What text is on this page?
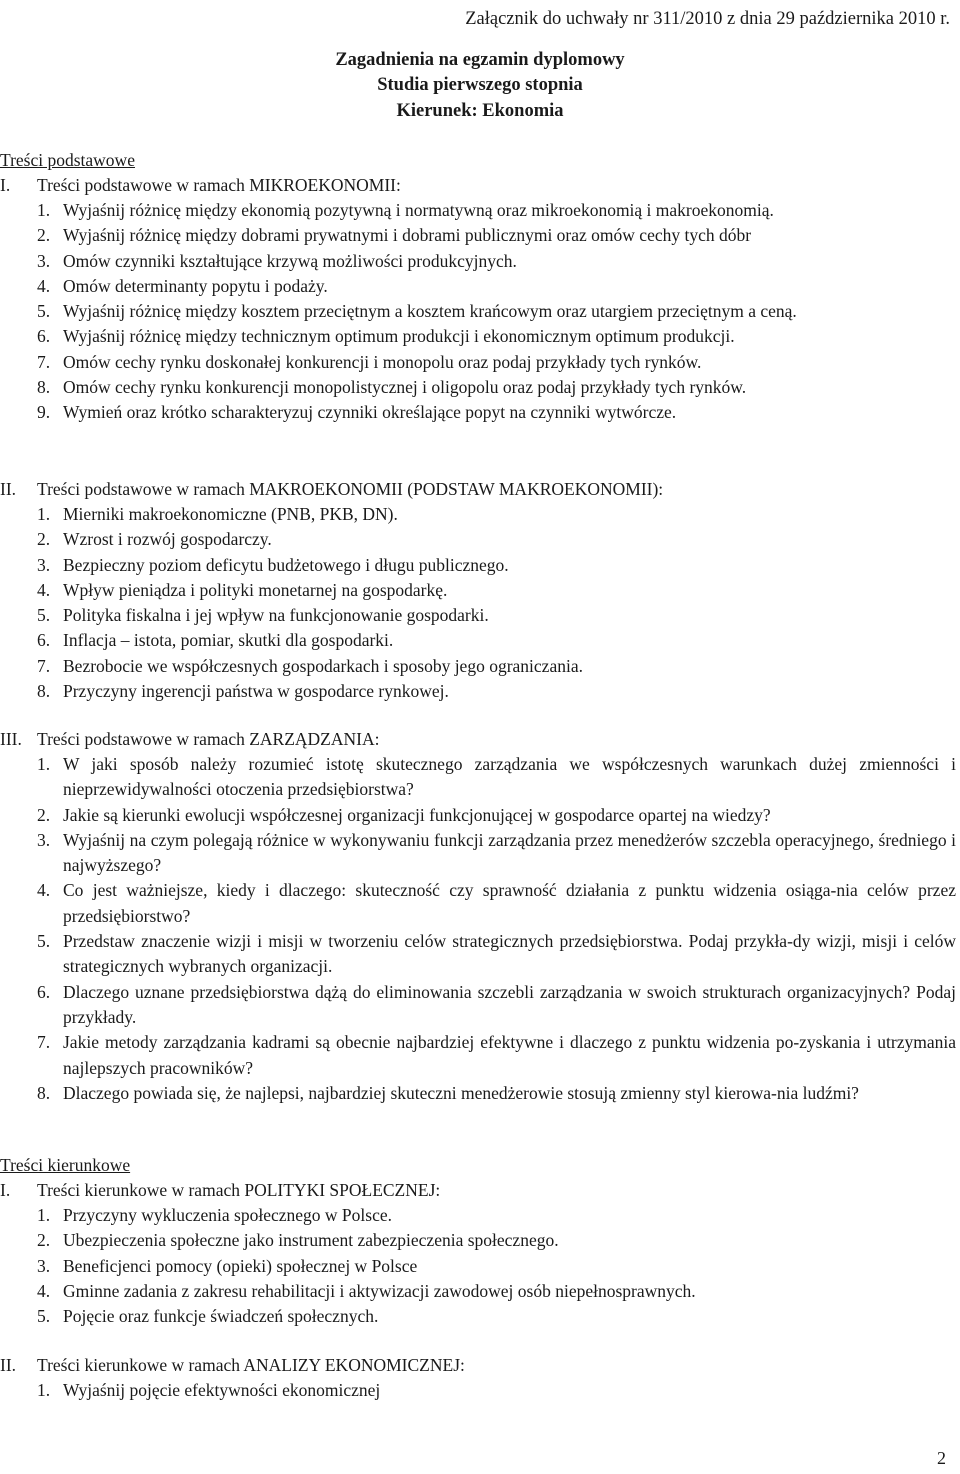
Załącznik do uchwały nr 311/2010 z dnia 29 października 2010 r.
Zagadnienia na egzamin dyplomowy
Studia pierwszego stopnia
Kierunek: Ekonomia
Treści podstawowe
I.	Treści podstawowe w ramach MIKROEKONOMII:
1. Wyjaśnij różnicę między ekonomią pozytywną i normatywną oraz mikroekonomią i makroekonomią.
2. Wyjaśnij różnicę między dobrami prywatnymi i dobrami publicznymi oraz omów cechy tych dóbr
3. Omów czynniki kształtujące krzywą możliwości produkcyjnych.
4. Omów determinanty popytu i podaży.
5. Wyjaśnij różnicę między kosztem przeciętnym a kosztem krańcowym oraz utargiem przeciętnym a ceną.
6. Wyjaśnij różnicę między technicznym optimum produkcji i ekonomicznym optimum produkcji.
7. Omów cechy rynku doskonałej konkurencji i monopolu oraz podaj przykłady tych rynków.
8. Omów cechy rynku konkurencji monopolistycznej i oligopolu oraz podaj przykłady tych rynków.
9. Wymień oraz krótko scharakteryzuj czynniki określające popyt na czynniki wytwórcze.
II.	Treści podstawowe w ramach MAKROEKONOMII (PODSTAW MAKROEKONOMII):
1. Mierniki makroekonomiczne (PNB, PKB, DN).
2. Wzrost i rozwój gospodarczy.
3. Bezpieczny poziom deficytu budżetowego i długu publicznego.
4. Wpływ pieniądza i polityki monetarnej na gospodarkę.
5. Polityka fiskalna i jej wpływ na funkcjonowanie gospodarki.
6. Inflacja – istota, pomiar, skutki dla gospodarki.
7. Bezrobocie we współczesnych gospodarkach i sposoby jego ograniczania.
8. Przyczyny ingerencji państwa w gospodarce rynkowej.
III. Treści podstawowe w ramach ZARZĄDZANIA:
1. W jaki sposób należy rozumieć istotę skutecznego zarządzania we współczesnych warunkach dużej zmienności i nieprzewidywalności otoczenia przedsiębiorstwa?
2. Jakie są kierunki ewolucji współczesnej organizacji funkcjonującej w gospodarce opartej na wiedzy?
3. Wyjaśnij na czym polegają różnice w wykonywaniu funkcji zarządzania przez menedżerów szczebla operacyjnego, średniego i najwyższego?
4. Co jest ważniejsze, kiedy i dlaczego: skuteczność czy sprawność działania z punktu widzenia osiąga-nia celów przez przedsiębiorstwo?
5. Przedstaw znaczenie wizji i misji w tworzeniu celów strategicznych przedsiębiorstwa. Podaj przykła-dy wizji, misji i celów strategicznych wybranych organizacji.
6. Dlaczego uznane przedsiębiorstwa dążą do eliminowania szczebli zarządzania w swoich strukturach organizacyjnych? Podaj przykłady.
7. Jakie metody zarządzania kadrami są obecnie najbardziej efektywne i dlaczego z punktu widzenia po-zyskania i utrzymania najlepszych pracowników?
8. Dlaczego powiada się, że najlepsi, najbardziej skuteczni menedżerowie stosują zmienny styl kierowa-nia ludźmi?
Treści kierunkowe
I.	Treści kierunkowe w ramach POLITYKI SPOŁECZNEJ:
1. Przyczyny wykluczenia społecznego w Polsce.
2. Ubezpieczenia społeczne jako instrument zabezpieczenia społecznego.
3. Beneficjenci pomocy (opieki) społecznej w Polsce
4. Gminne zadania z zakresu rehabilitacji i aktywizacji zawodowej osób niepełnosprawnych.
5. Pojęcie oraz funkcje świadczeń społecznych.
II.	Treści kierunkowe w ramach ANALIZY EKONOMICZNEJ:
1. Wyjaśnij pojęcie efektywności ekonomicznej
2
